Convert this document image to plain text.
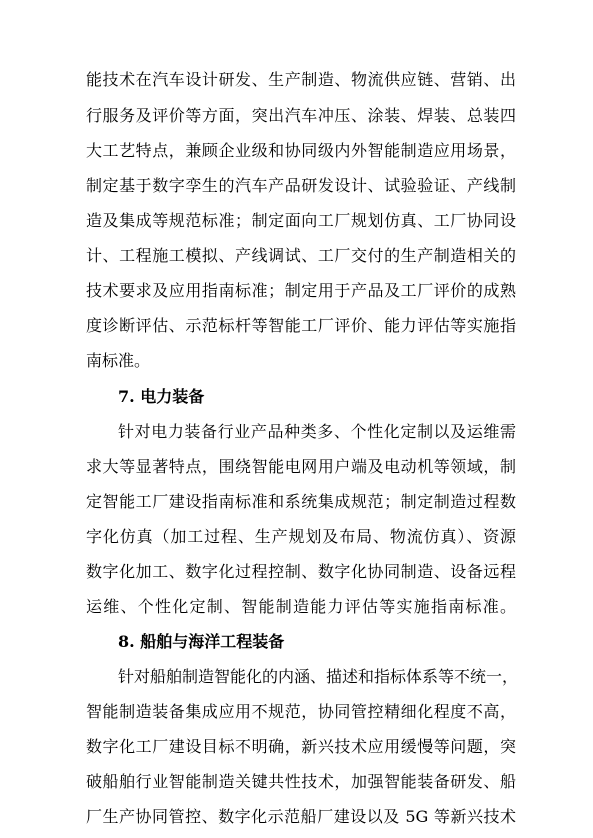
能技术在汽车设计研发、生产制造、物流供应链、营销、出
行服务及评价等方面，突出汽车冲压、涂装、焊装、总装四
大工艺特点，兼顾企业级和协同级内外智能制造应用场景，
制定基于数字孪生的汽车产品研发设计、试验验证、产线制
造及集成等规范标准；制定面向工厂规划仿真、工厂协同设
计、工程施工模拟、产线调试、工厂交付的生产制造相关的
技术要求及应用指南标准；制定用于产品及工厂评价的成熟
度诊断评估、示范标杆等智能工厂评价、能力评估等实施指
南标准。
7. 电力装备
针对电力装备行业产品种类多、个性化定制以及运维需
求大等显著特点，围绕智能电网用户端及电动机等领域，制
定智能工厂建设指南标准和系统集成规范；制定制造过程数
字化仿真（加工过程、生产规划及布局、物流仿真）、资源
数字化加工、数字化过程控制、数字化协同制造、设备远程
运维、个性化定制、智能制造能力评估等实施指南标准。
8. 船舶与海洋工程装备
针对船舶制造智能化的内涵、描述和指标体系等不统一，
智能制造装备集成应用不规范，协同管控精细化程度不高，
数字化工厂建设目标不明确，新兴技术应用缓慢等问题，突
破船舶行业智能制造关键共性技术，加强智能装备研发、船
厂生产协同管控、数字化示范船厂建设以及 5G 等新兴技术
